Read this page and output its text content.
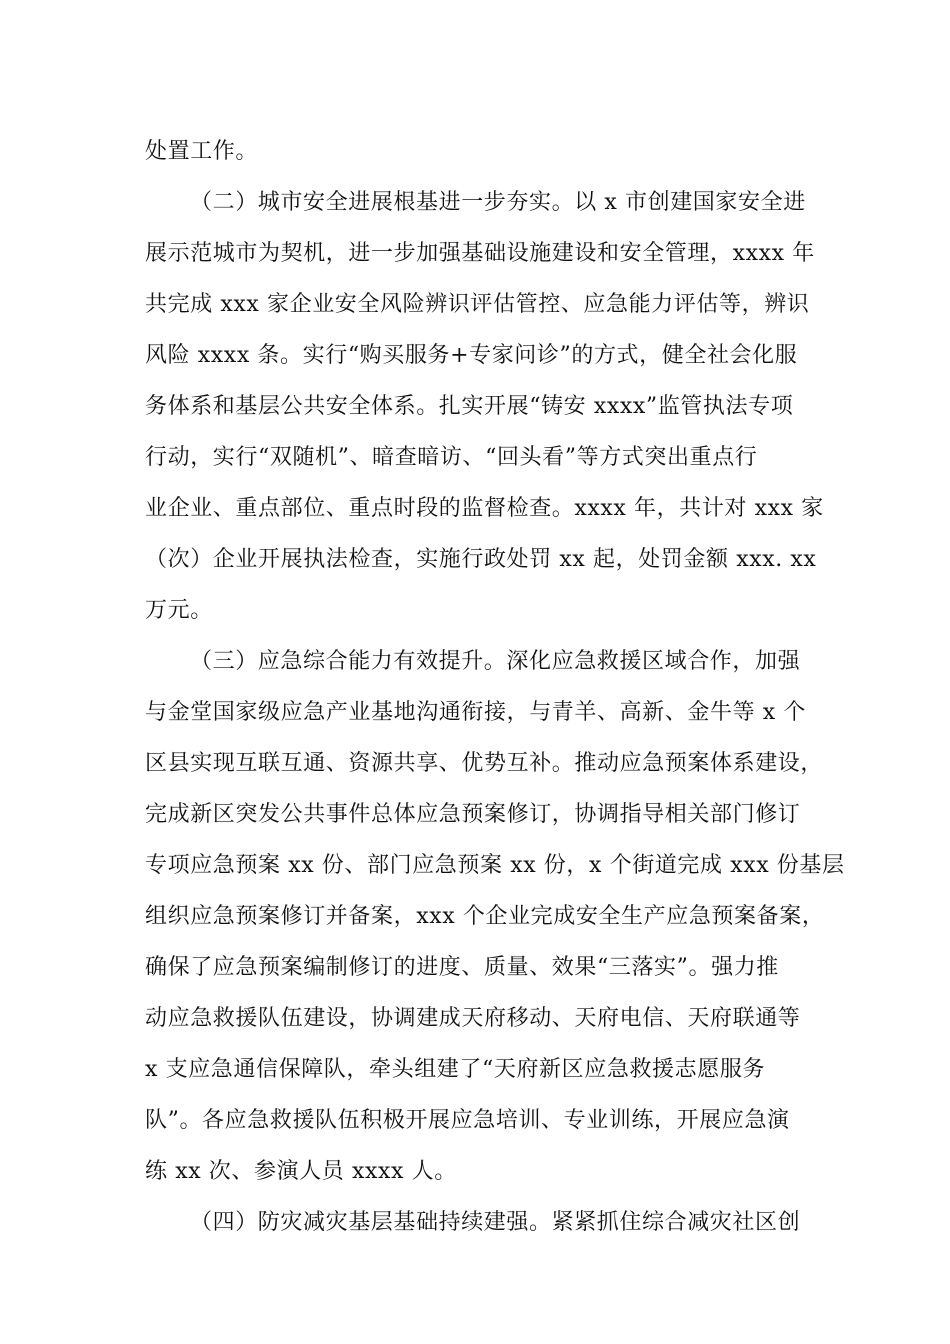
处置工作。
（二）城市安全进展根基进一步夯实。以 x 市创建国家安全进
展示范城市为契机，进一步加强基础设施建设和安全管理，xxxx 年
共完成 xxx 家企业安全风险辨识评估管控、应急能力评估等，辨识
风险 xxxx 条。实行“购买服务+专家问诊”的方式，健全社会化服
务体系和基层公共安全体系。扎实开展“铸安 xxxx”监管执法专项
行动，实行“双随机”、暗查暗访、“回头看”等方式突出重点行
业企业、重点部位、重点时段的监督检查。xxxx 年，共计对 xxx 家
（次）企业开展执法检查，实施行政处罚 xx 起，处罚金额 xxx. xx
万元。
（三）应急综合能力有效提升。深化应急救援区域合作，加强
与金堂国家级应急产业基地沟通衔接，与青羊、高新、金牛等 x 个
区县实现互联互通、资源共享、优势互补。推动应急预案体系建设，
完成新区突发公共事件总体应急预案修订，协调指导相关部门修订
专项应急预案 xx 份、部门应急预案 xx 份，x 个街道完成 xxx 份基层
组织应急预案修订并备案，xxx 个企业完成安全生产应急预案备案，
确保了应急预案编制修订的进度、质量、效果“三落实”。强力推
动应急救援队伍建设，协调建成天府移动、天府电信、天府联通等
x 支应急通信保障队，牵头组建了“天府新区应急救援志愿服务
队”。各应急救援队伍积极开展应急培训、专业训练，开展应急演
练 xx 次、参演人员 xxxx 人。
（四）防灾减灾基层基础持续建强。紧紧抓住综合减灾社区创
